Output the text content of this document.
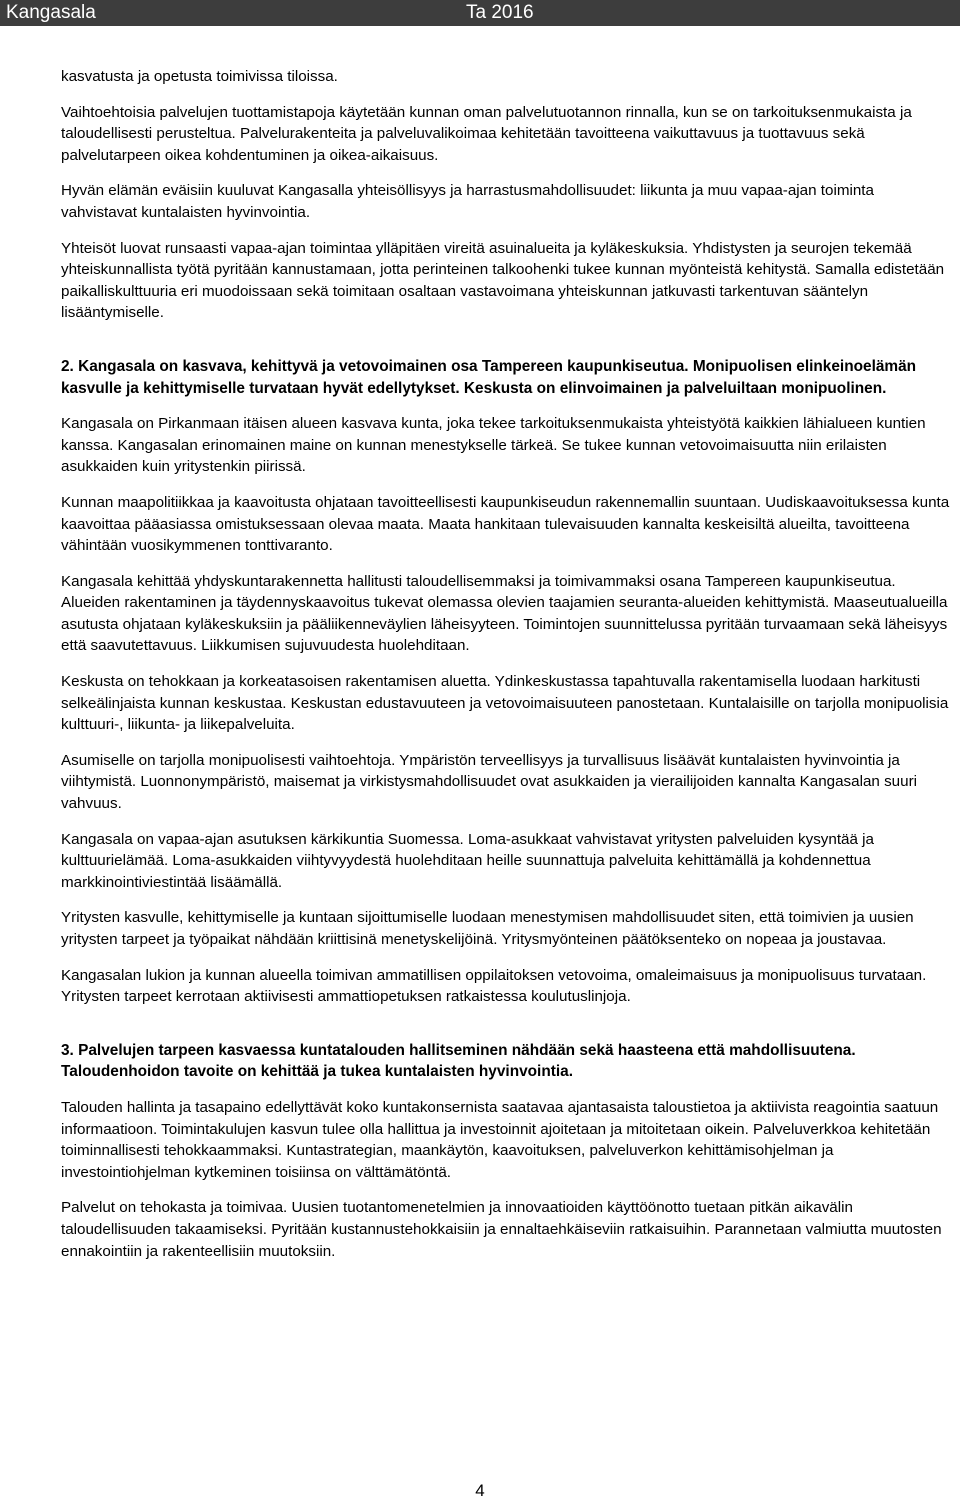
Kangasala	Ta 2016

kasvatusta ja opetusta toimivissa tiloissa.

Vaihtoehtoisia palvelujen tuottamistapoja käytetään kunnan oman palvelutuotannon rinnalla, kun se on tarkoituksenmukaista ja taloudellisesti perusteltua. Palvelurakenteita ja palveluvalikoimaa kehitetään tavoitteena vaikuttavuus ja tuottavuus sekä palvelutarpeen oikea kohdentuminen ja oikea-aikaisuus.

Hyvän elämän eväisiin kuuluvat Kangasalla yhteisöllisyys ja harrastusmahdollisuudet: liikunta ja muu vapaa-ajan toiminta vahvistavat kuntalaisten hyvinvointia.

Yhteisöt luovat runsaasti vapaa-ajan toimintaa ylläpitäen vireitä asuinalueita ja kyläkeskuksia. Yhdistysten ja seurojen tekemää yhteiskunnallista työtä pyritään kannustamaan, jotta perinteinen talkoohenki tukee kunnan myönteistä kehitystä. Samalla edistetään paikalliskulttuuria eri muodoissaan sekä toimitaan osaltaan vastavoimana yhteiskunnan jatkuvasti tarkentuvan sääntelyn lisääntymiselle.

2. Kangasala on kasvava, kehittyvä ja vetovoimainen osa Tampereen kaupunkiseutua. Monipuolisen elinkeinoelämän kasvulle ja kehittymiselle turvataan hyvät edellytykset. Keskusta on elinvoimainen ja palveluiltaan monipuolinen.

Kangasala on Pirkanmaan itäisen alueen kasvava kunta, joka tekee tarkoituksenmukaista yhteistyötä kaikkien lähialueen kuntien kanssa. Kangasalan erinomainen maine on kunnan menestykselle tärkeä. Se tukee kunnan vetovoimaisuutta niin erilaisten asukkaiden kuin yritystenkin piirissä.

Kunnan maapolitiikkaa ja kaavoitusta ohjataan tavoitteellisesti kaupunkiseudun rakennemallin suuntaan. Uudiskaavoituksessa kunta kaavoittaa pääasiassa omistuksessaan olevaa maata. Maata hankitaan tulevaisuuden kannalta keskeisiltä alueilta, tavoitteena vähintään vuosikymmenen tonttivaranto.

Kangasala kehittää yhdyskuntarakennetta hallitusti taloudellisemmaksi ja toimivammaksi osana Tampereen kaupunkiseutua. Alueiden rakentaminen ja täydennyskaavoitus tukevat olemassa olevien taajamien seuranta-alueiden kehittymistä. Maaseutualueilla asutusta ohjataan kyläkeskuksiin ja pääliikenneväylien läheisyyteen. Toimintojen suunnittelussa pyritään turvaamaan sekä läheisyys että saavutettavuus. Liikkumisen sujuvuudesta huolehditaan.

Keskusta on tehokkaan ja korkeatasoisen rakentamisen aluetta. Ydinkeskustassa tapahtuvalla rakentamisella luodaan harkitusti selkeälinjaista kunnan keskustaa. Keskustan edustavuuteen ja vetovoimaisuuteen panostetaan. Kuntalaisille on tarjolla monipuolisia kulttuuri-, liikunta- ja liikepalveluita.

Asumiselle on tarjolla monipuolisesti vaihtoehtoja. Ympäristön terveellisyys ja turvallisuus lisäävät kuntalaisten hyvinvointia ja viihtymistä. Luonnonympäristö, maisemat ja virkistysmahdollisuudet ovat asukkaiden ja vierailijoiden kannalta Kangasalan suuri vahvuus.

Kangasala on vapaa-ajan asutuksen kärkikuntia Suomessa. Loma-asukkaat vahvistavat yritysten palveluiden kysyntää ja kulttuurielämää. Loma-asukkaiden viihtyvyydestä huolehditaan heille suunnattuja palveluita kehittämällä ja kohdennettua markkinointiviestintää lisäämällä.

Yritysten kasvulle, kehittymiselle ja kuntaan sijoittumiselle luodaan menestymisen mahdollisuudet siten, että toimivien ja uusien yritysten tarpeet ja työpaikat nähdään kriittisinä menetyskelijöinä. Yritysmyönteinen päätöksenteko on nopeaa ja joustavaa.

Kangasalan lukion ja kunnan alueella toimivan ammatillisen oppilaitoksen vetovoima, omaleimaisuus ja monipuolisuus turvataan. Yritysten tarpeet kerrotaan aktiivisesti ammattiopetuksen ratkaistessa koulutuslinjoja.

3. Palvelujen tarpeen kasvaessa kuntatalouden hallitseminen nähdään sekä haasteena että mahdollisuutena. Taloudenhoidon tavoite on kehittää ja tukea kuntalaisten hyvinvointia.

Talouden hallinta ja tasapaino edellyttävät koko kuntakonsernista saatavaa ajantasaista taloustietoa ja aktiivista reagointia saatuun informaatioon. Toimintakulujen kasvun tulee olla hallittua ja investoinnit ajoitetaan ja mitoitetaan oikein. Palveluverkkoa kehitetään toiminnallisesti tehokkaammaksi. Kuntastrategian, maankäytön, kaavoituksen, palveluverkon kehittämisohjelman ja investointiohjelman kytkeminen toisiinsa on välttämätöntä.

Palvelut on tehokasta ja toimivaa. Uusien tuotantomenetelmien ja innovaatioiden käyttöönotto tuetaan pitkän aikavälin taloudellisuuden takaamiseksi. Pyritään kustannustehokkaisiin ja ennaltaehkäiseviin ratkaisuihin. Parannetaan valmiutta muutosten ennakointiin ja rakenteellisiin muutoksiin.

4
